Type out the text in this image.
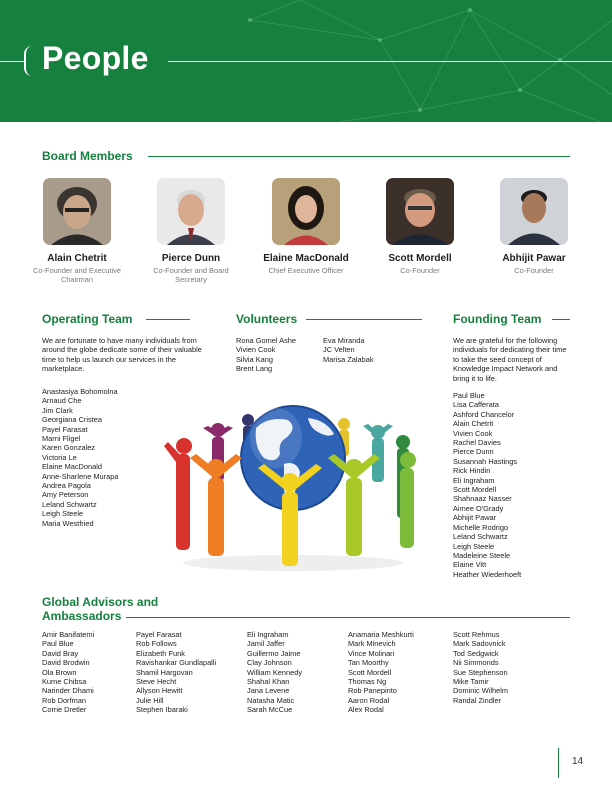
People
Board Members
Alain Chetrit
Co-Founder and Executive Chairman
Pierce Dunn
Co-Founder and Board Secretary
Elaine MacDonald
Chief Executive Officer
Scott Mordell
Co-Founder
Abhijit Pawar
Co-Founder
Operating Team
We are fortunate to have many individuals from around the globe dedicate some of their valuable time to help us launch our services in the marketplace.
Anastasiya Bohomolna
Arnaud Che
Jim Clark
Georgiana Cristea
Payel Farasat
Marni Fligel
Karen Gonzalez
Victoria Le
Elaine MacDonald
Anne-Sharlene Murapa
Andrea Pagola
Amy Peterson
Leland Schwartz
Leigh Steele
Maria Westfried
Volunteers
Rona Gomel Ashe
Vivien Cook
Silvia Kang
Brent Lang
Eva Miranda
JC Velten
Marisa Zalabak
Founding Team
We are grateful for the following individuals for dedicating their time to take the seed concept of Knowledge Impact Network and bring it to life.
Paul Blue
Lisa Cafferata
Ashford Chancelor
Alain Chetrit
Vivien Cook
Rachel Davies
Pierce Dunn
Susannah Hastings
Rick Hindin
Eli Ingraham
Scott Mordell
Shahnaaz Nasser
Aimee O'Grady
Abhijit Pawar
Michelle Rodrigo
Leland Schwartz
Leigh Steele
Madeleine Steele
Elaine Vitt
Heather Wiederhoeft
Global Advisors and
Ambassadors
Amir Banifatemi
Paul Blue
David Bray
David Brodwin
Ola Brown
Kume Chibsa
Narinder Dhami
Rob Dorfman
Corrie Dretler
Payel Farasat
Rob Follows
Elizabeth Funk
Ravishankar Gundlapalli
Shamil Hargovan
Steve Hecht
Allyson Hewitt
Julie Hill
Stephen Ibaraki
Eli Ingraham
Jamil Jaffer
Guillermo Jaime
Clay Johnson
William Kennedy
Shahal Khan
Jana Levene
Natasha Matic
Sarah McCue
Anamaria Meshkurti
Mark Minevich
Vince Molinari
Tan Moorthy
Scott Mordell
Thomas Ng
Rob Panepinto
Aaron Rodal
Alex Rodal
Scott Rehmus
Mark Sadovnick
Tod Sedgwick
Nii Simmonds
Sue Stephenson
Mike Tamir
Dominic Wilhelm
Randal Zindler
14
